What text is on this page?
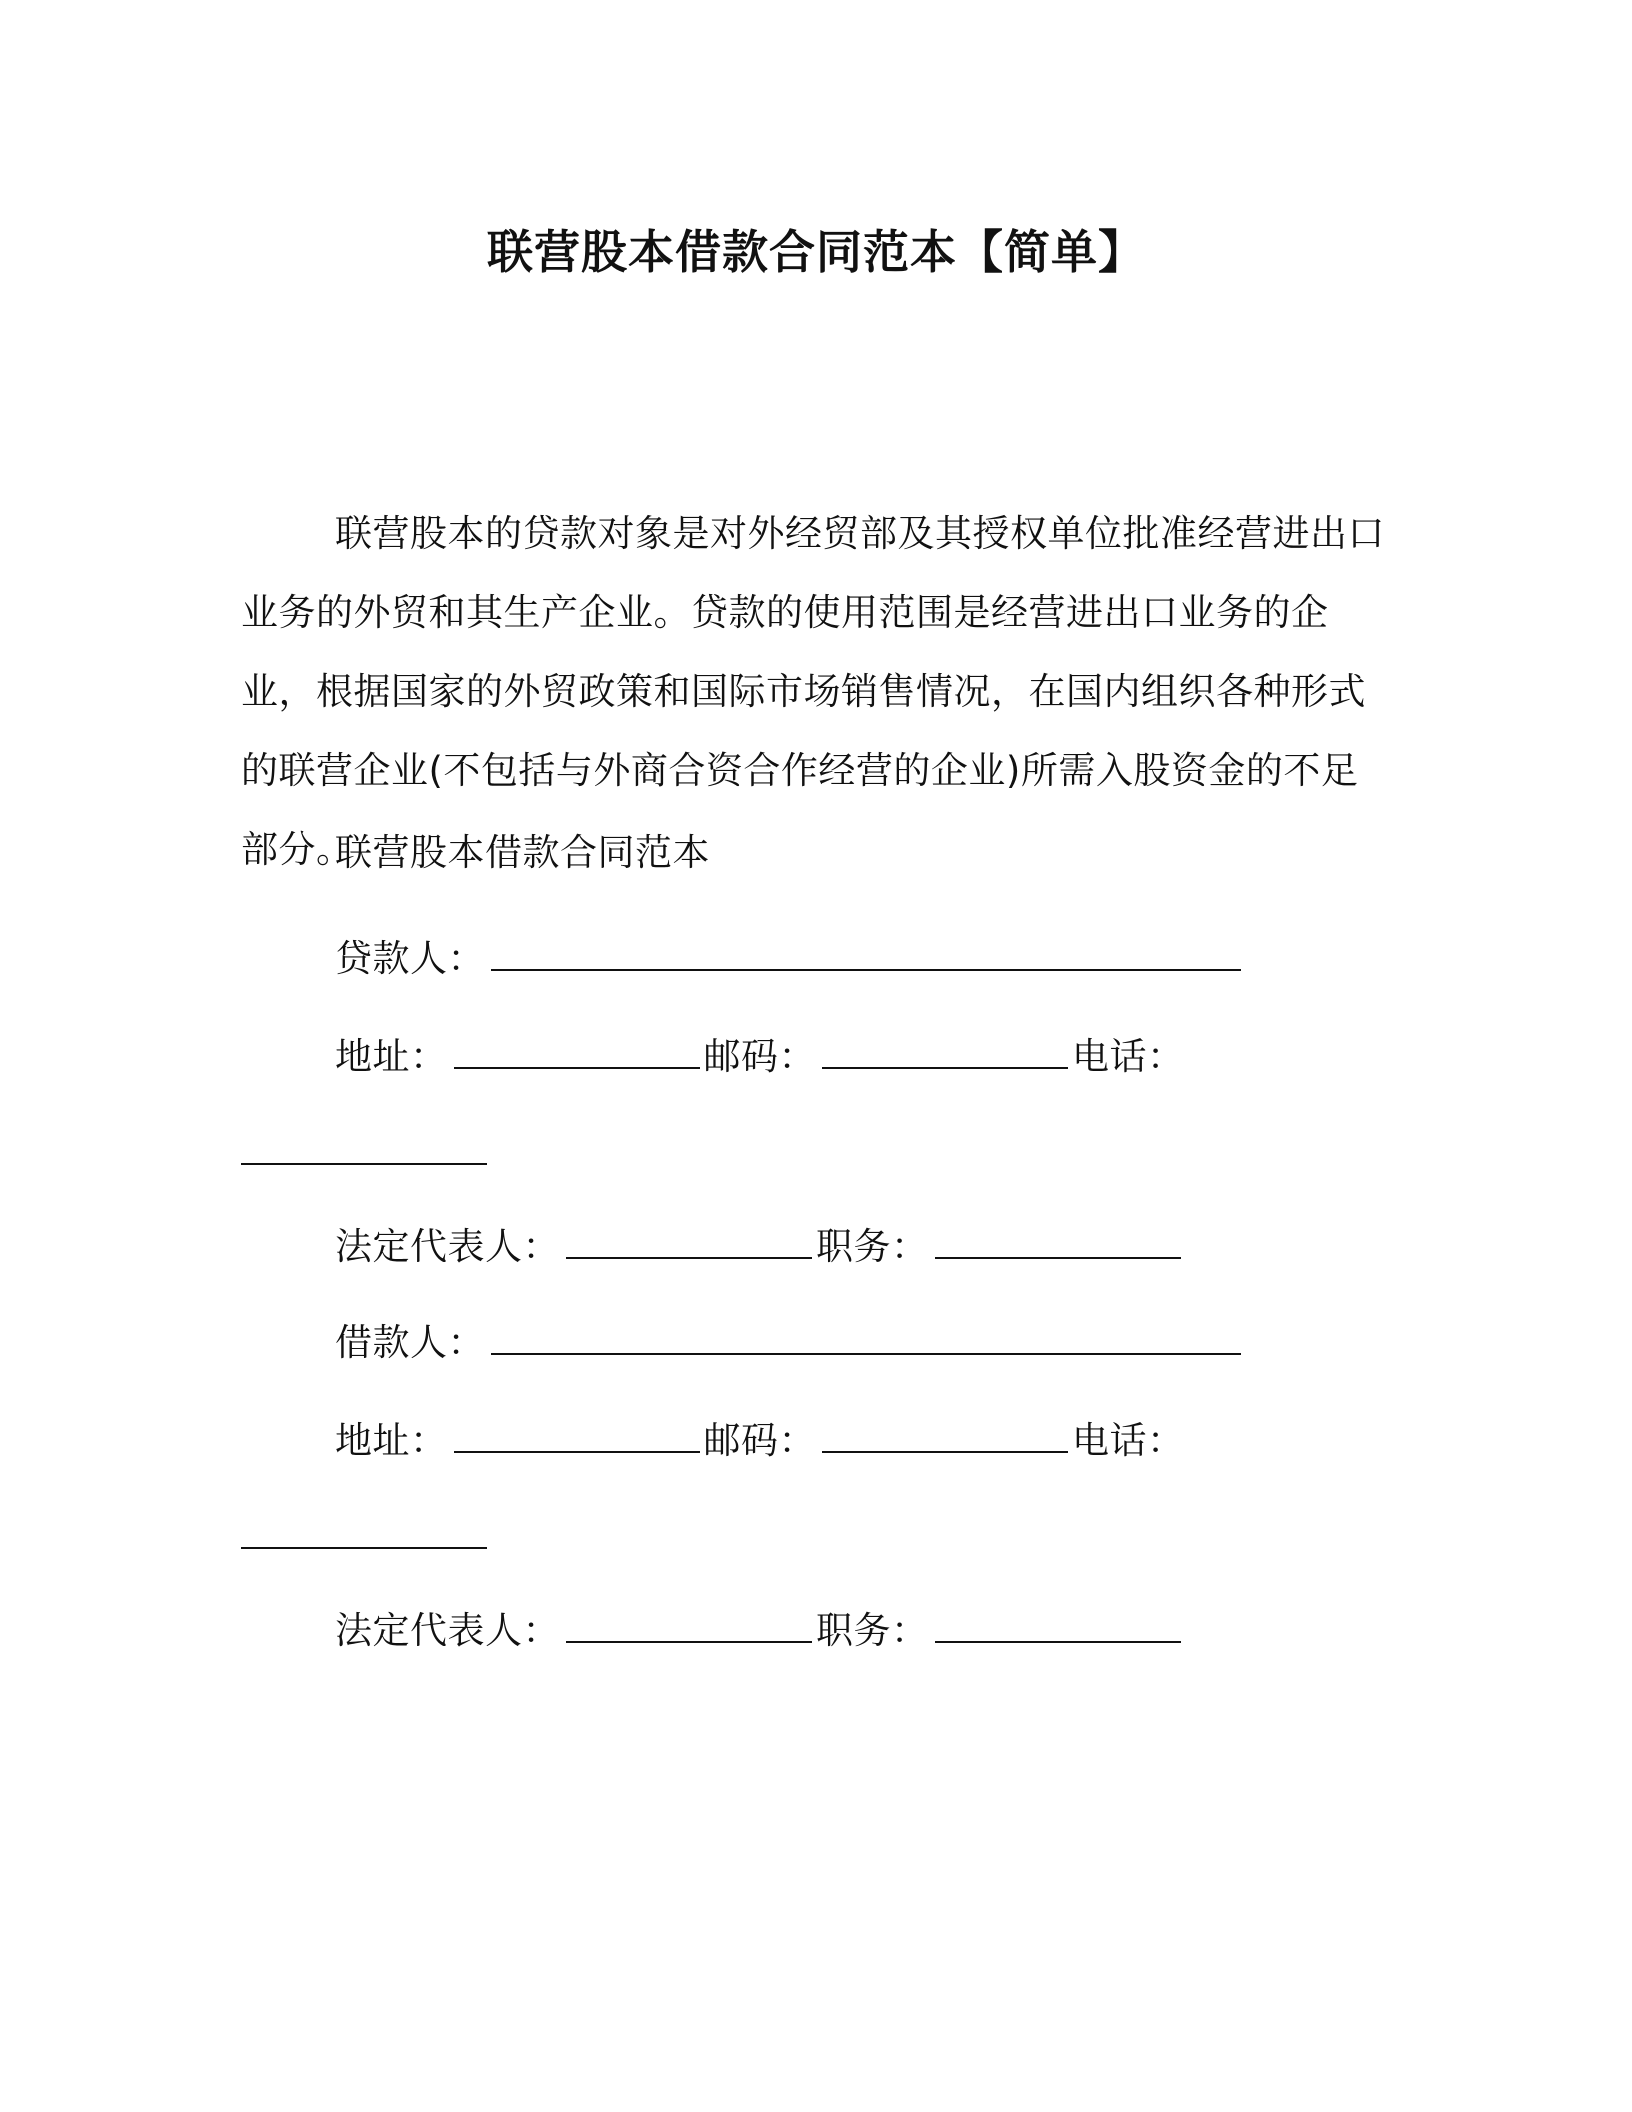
联营股本借款合同范本【简单】

联营股本的贷款对象是对外经贸部及其授权单位批准经营进出口业务的外贸和其生产企业。贷款的使用范围是经营进出口业务的企业，根据国家的外贸政策和国际市场销售情况，在国内组织各种形式的联营企业(不包括与外商合资合作经营的企业)所需入股资金的不足部分。

联营股本借款合同范本
贷款人：
地址：	邮码：	电话：
法定代表人：	职务：
借款人：
地址：	邮码：	电话：
法定代表人：	职务：
